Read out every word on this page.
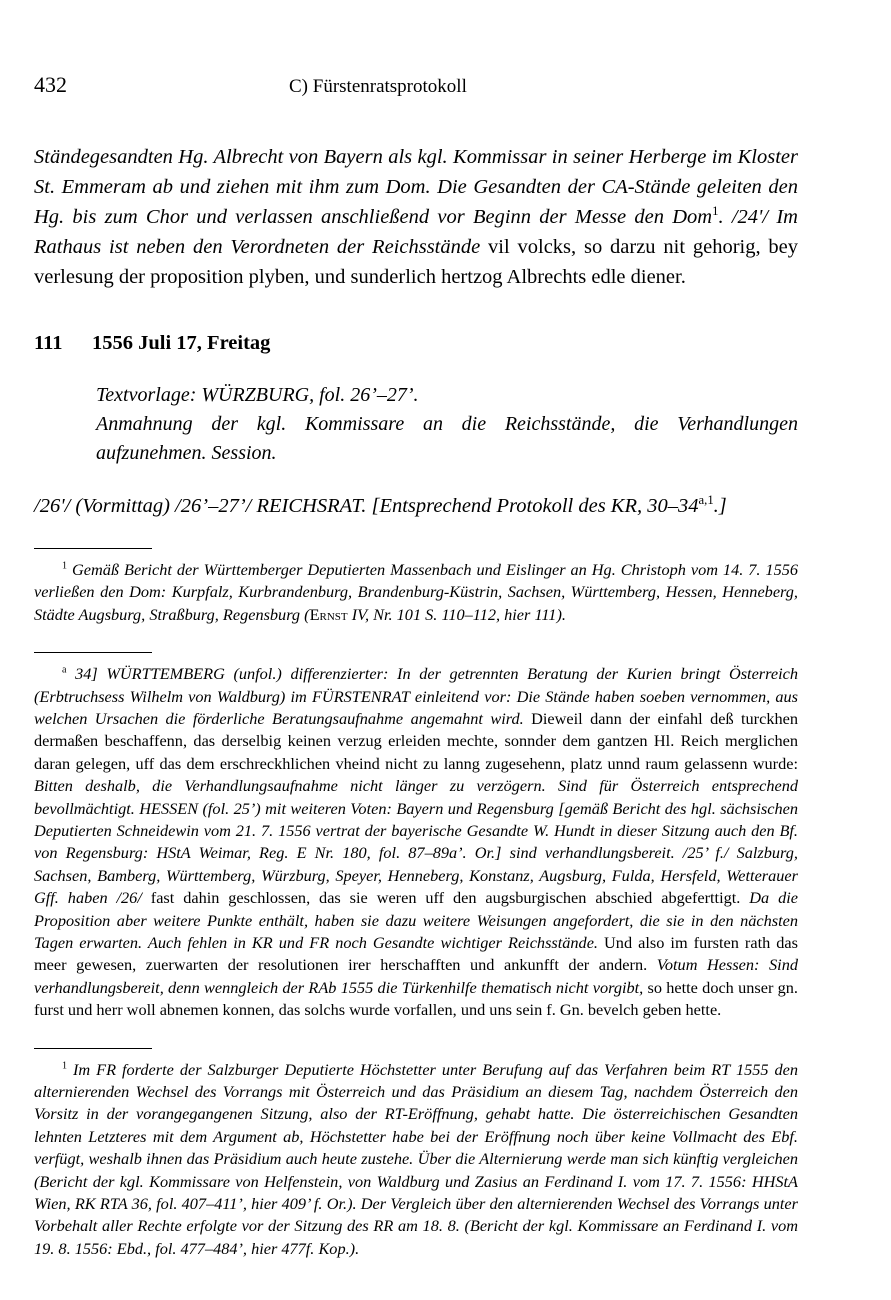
432	C) Fürstenratsprotokoll

Ständegesandten Hg. Albrecht von Bayern als kgl. Kommissar in seiner Herberge im Kloster St. Emmeram ab und ziehen mit ihm zum Dom. Die Gesandten der CA-Stände geleiten den Hg. bis zum Chor und verlassen anschließend vor Beginn der Messe den Dom$^1$. /24'/ Im Rathaus ist neben den Verordneten der Reichsstände vil volcks, so darzu nit gehorig, bey verlesung der proposition plyben, und sunderlich hertzog Albrechts edle diener.

111	1556 Juli 17, Freitag
Textvorlage: WÜRZBURG, fol. 26’–27’.
Anmahnung der kgl. Kommissare an die Reichsstände, die Verhandlungen aufzunehmen. Session.

/26'/ (Vormittag) /26’–27’/ REICHSRAT. [Entsprechend Protokoll des KR, 30–34$^{a,1}$.]

$^1$ Gemäß Bericht der Württemberger Deputierten Massenbach und Eislinger an Hg. Christoph vom 14. 7. 1556 verließen den Dom: Kurpfalz, Kurbrandenburg, Brandenburg-Küstrin, Sachsen, Württemberg, Hessen, Henneberg, Städte Augsburg, Straßburg, Regensburg (Ernst IV, Nr. 101 S. 110–112, hier 111).

$^a$ 34] WÜRTTEMBERG (unfol.) differenzierter: In der getrennten Beratung der Kurien bringt Österreich (Erbtruchsess Wilhelm von Waldburg) im FÜRSTENRAT einleitend vor: Die Stände haben soeben vernommen, aus welchen Ursachen die förderliche Beratungsaufnahme angemahnt wird. Dieweil dann der einfahl deß turckhen dermaßen beschaffenn, das derselbig keinen verzug erleiden mechte, sonnder dem gantzen Hl. Reich merglichen daran gelegen, uff das dem erschreckhlichen vheind nicht zu lanng zugesehenn, platz unnd raum gelassenn wurde: Bitten deshalb, die Verhandlungsaufnahme nicht länger zu verzögern. Sind für Österreich entsprechend bevollmächtigt. HESSEN (fol. 25’) mit weiteren Voten: Bayern und Regensburg [gemäß Bericht des hgl. sächsischen Deputierten Schneidewin vom 21. 7. 1556 vertrat der bayerische Gesandte W. Hundt in dieser Sitzung auch den Bf. von Regensburg: HStA Weimar, Reg. E Nr. 180, fol. 87–89a’. Or.] sind verhandlungsbereit. /25’ f./ Salzburg, Sachsen, Bamberg, Württemberg, Würzburg, Speyer, Henneberg, Konstanz, Augsburg, Fulda, Hersfeld, Wetterauer Gff. haben /26/ fast dahin geschlossen, das sie weren uff den augsburgischen abschied abgeferttigt. Da die Proposition aber weitere Punkte enthält, haben sie dazu weitere Weisungen angefordert, die sie in den nächsten Tagen erwarten. Auch fehlen in KR und FR noch Gesandte wichtiger Reichsstände. Und also im fursten rath das meer gewesen, zuerwarten der resolutionen irer herschafften und ankunfft der andern. Votum Hessen: Sind verhandlungsbereit, denn wenngleich der RAb 1555 die Türkenhilfe thematisch nicht vorgibt, so hette doch unser gn. furst und herr woll abnemen konnen, das solchs wurde vorfallen, und uns sein f. Gn. bevelch geben hette.

$^1$ Im FR forderte der Salzburger Deputierte Höchstetter unter Berufung auf das Verfahren beim RT 1555 den alternierenden Wechsel des Vorrangs mit Österreich und das Präsidium an diesem Tag, nachdem Österreich den Vorsitz in der vorangegangenen Sitzung, also der RT-Eröffnung, gehabt hatte. Die österreichischen Gesandten lehnten Letzteres mit dem Argument ab, Höchstetter habe bei der Eröffnung noch über keine Vollmacht des Ebf. verfügt, weshalb ihnen das Präsidium auch heute zustehe. Über die Alternierung werde man sich künftig vergleichen (Bericht der kgl. Kommissare von Helfenstein, von Waldburg und Zasius an Ferdinand I. vom 17. 7. 1556: HHStA Wien, RK RTA 36, fol. 407–411’, hier 409’ f. Or.). Der Vergleich über den alternierenden Wechsel des Vorrangs unter Vorbehalt aller Rechte erfolgte vor der Sitzung des RR am 18. 8. (Bericht der kgl. Kommissare an Ferdinand I. vom 19. 8. 1556: Ebd., fol. 477–484’, hier 477f. Kop.).
